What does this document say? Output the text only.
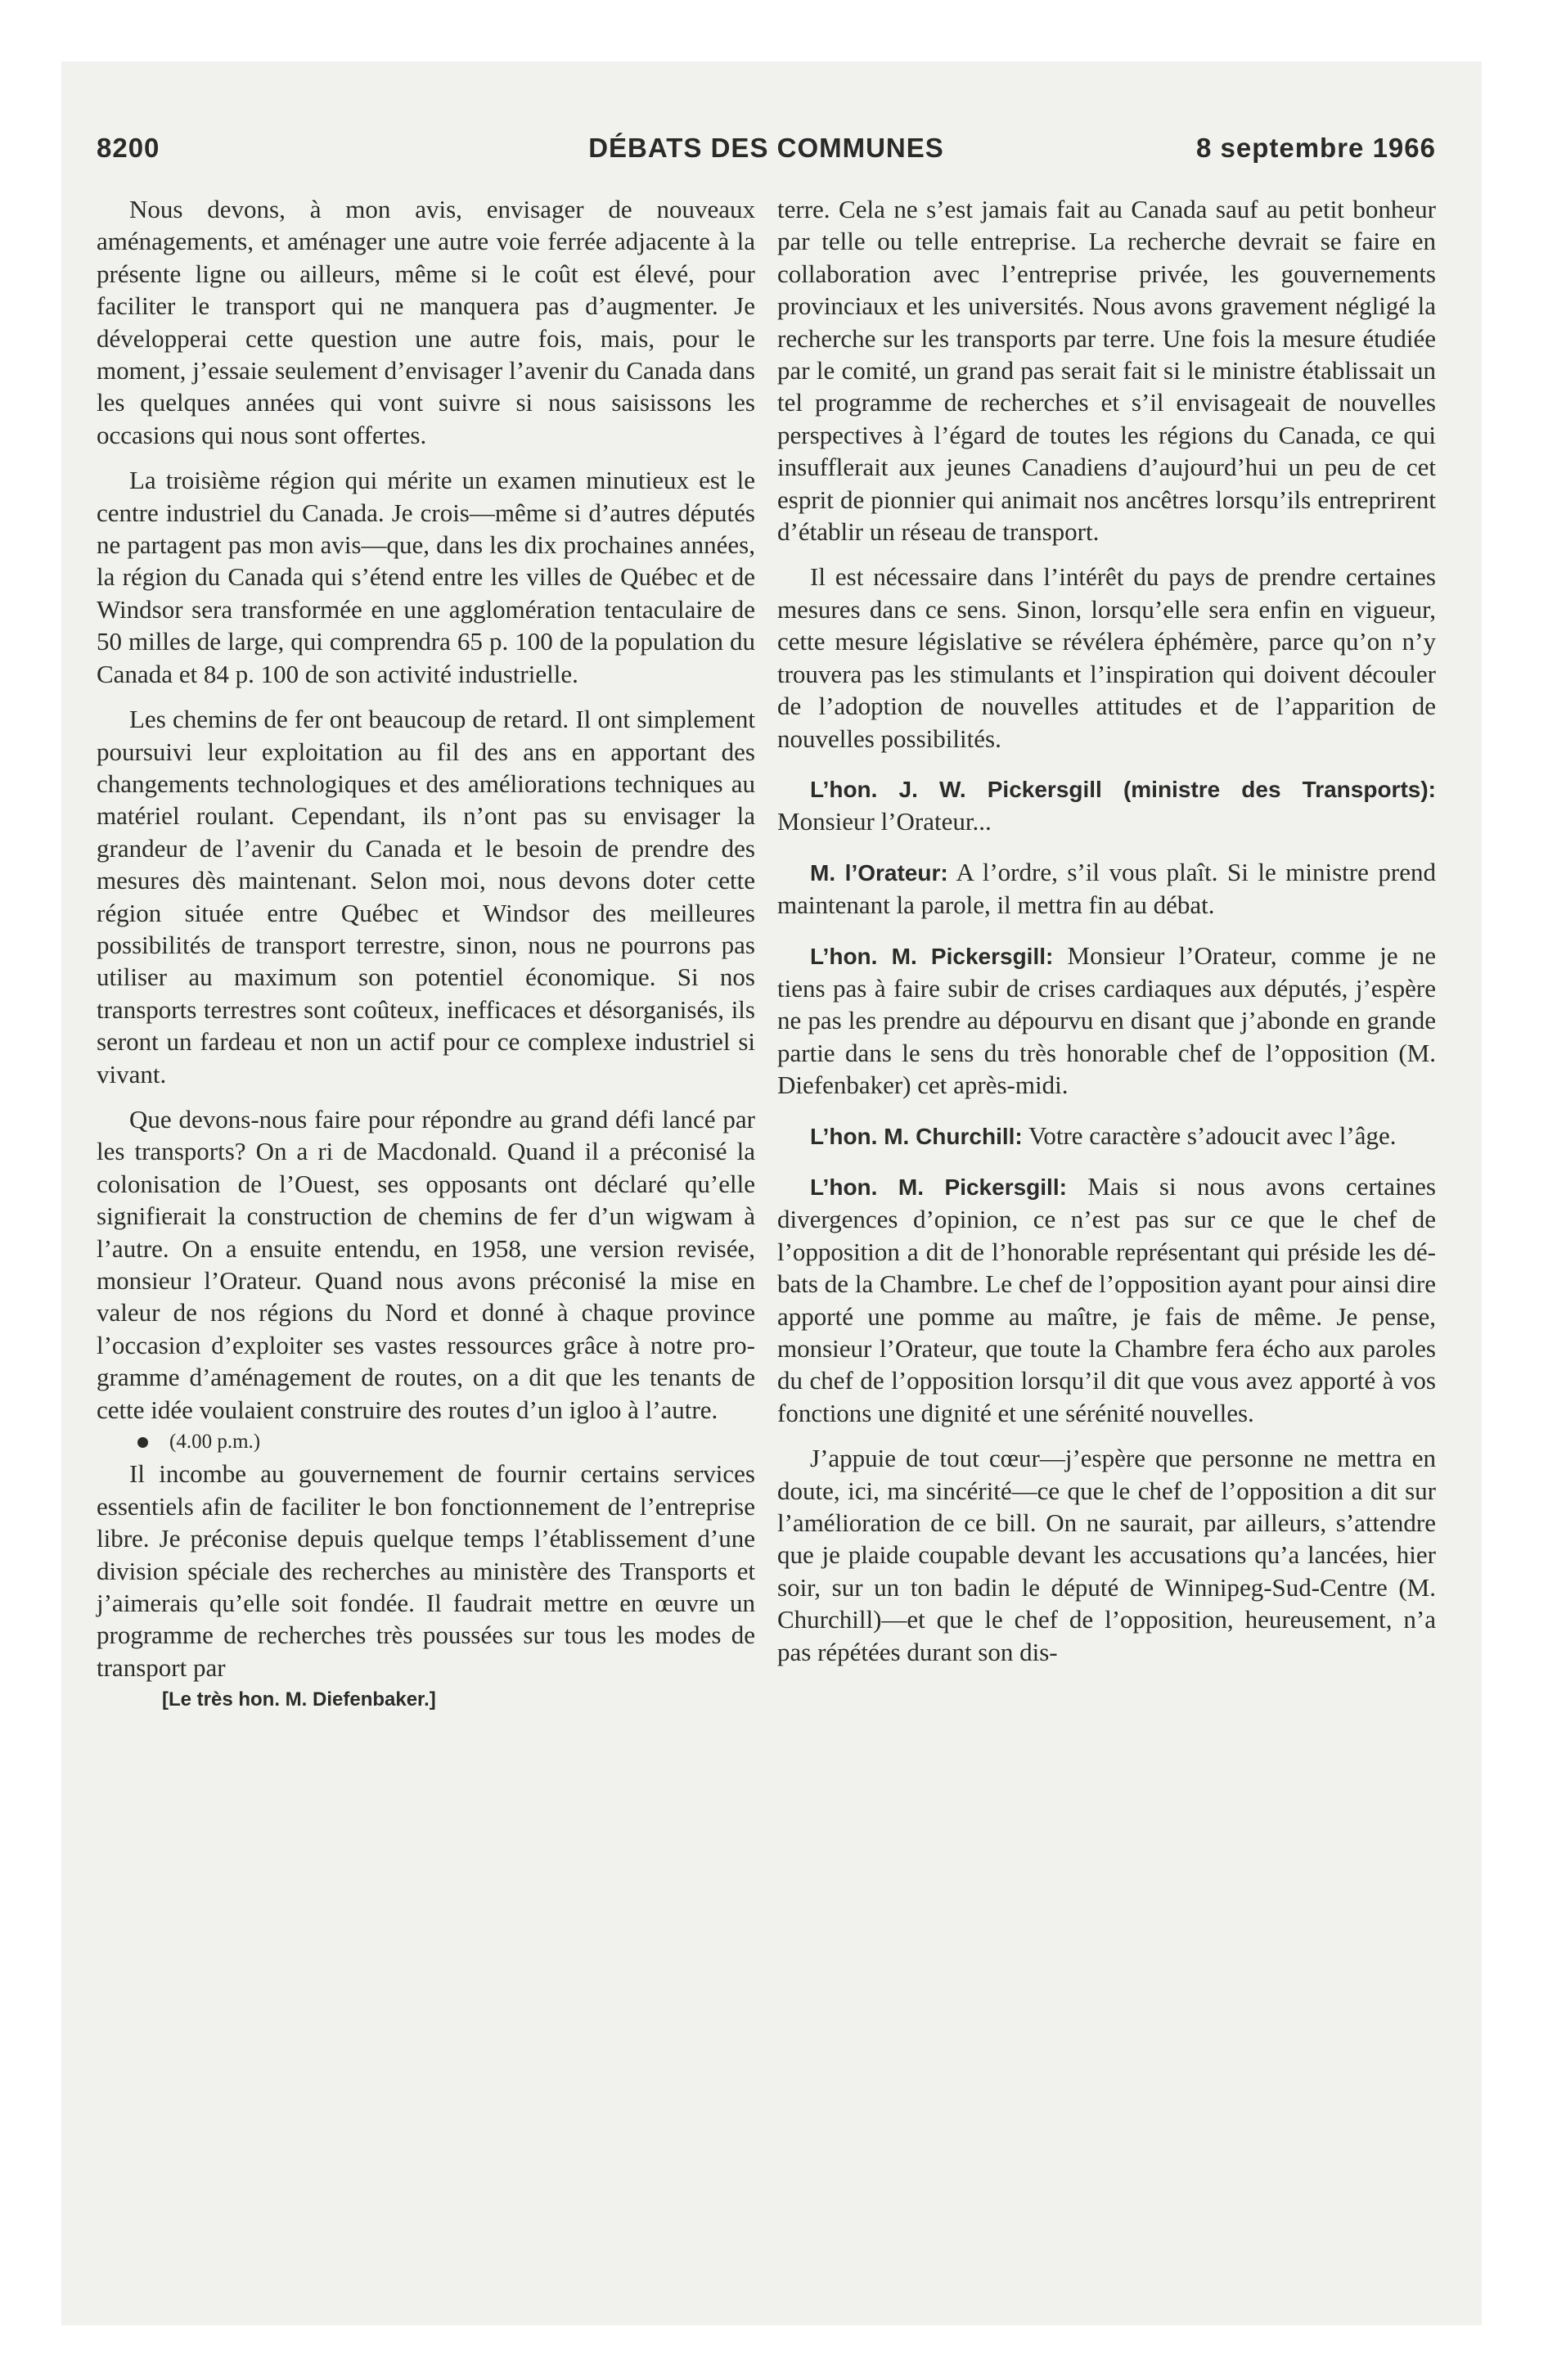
8200	DÉBATS DES COMMUNES	8 septembre 1966

Nous devons, à mon avis, envisager de nouveaux aménagements, et aménager une autre voie ferrée adjacente à la présente ligne ou ailleurs, même si le coût est élevé, pour faciliter le transport qui ne manquera pas d’augmenter. Je développerai cette question une autre fois, mais, pour le moment, j’essaie seulement d’envisager l’avenir du Canada dans les quelques années qui vont suivre si nous saisissons les occasions qui nous sont offertes.

La troisième région qui mérite un examen minutieux est le centre industriel du Canada. Je crois—même si d’autres députés ne partagent pas mon avis—que, dans les dix prochaines années, la région du Canada qui s’étend entre les villes de Québec et de Windsor sera transformée en une agglomération tentaculaire de 50 milles de large, qui comprendra 65 p. 100 de la population du Canada et 84 p. 100 de son activité industrielle.

Les chemins de fer ont beaucoup de retard. Il ont simplement poursuivi leur exploitation au fil des ans en apportant des changements technologiques et des améliorations techniques au matériel roulant. Cependant, ils n’ont pas su envisager la grandeur de l’avenir du Canada et le besoin de prendre des mesures dès maintenant. Selon moi, nous devons doter cette région située entre Québec et Windsor des meilleures possibilités de transport terrestre, sinon, nous ne pourrons pas utiliser au maximum son potentiel économique. Si nos transports terrestres sont coûteux, inefficaces et désorganisés, ils seront un fardeau et non un actif pour ce complexe industriel si vivant.

Que devons-nous faire pour répondre au grand défi lancé par les transports? On a ri de Macdonald. Quand il a préconisé la colonisation de l’Ouest, ses opposants ont déclaré qu’elle signifierait la construction de chemins de fer d’un wigwam à l’autre. On a ensuite entendu, en 1958, une version revisée, monsieur l’Orateur. Quand nous avons préconisé la mise en valeur de nos régions du Nord et donné à chaque province l’occasion d’exploiter ses vastes ressources grâce à notre programme d’aménagement de routes, on a dit que les tenants de cette idée voulaient construire des routes d’un igloo à l’autre.

(4.00 p.m.)

Il incombe au gouvernement de fournir certains services essentiels afin de faciliter le bon fonctionnement de l’entreprise libre. Je préconise depuis quelque temps l’établissement d’une division spéciale des recherches au ministère des Transports et j’aimerais qu’elle soit fondée. Il faudrait mettre en œuvre un programme de recherches très poussées sur tous les modes de transport par

[Le très hon. M. Diefenbaker.]

terre. Cela ne s’est jamais fait au Canada sauf au petit bonheur par telle ou telle entreprise. La recherche devrait se faire en collaboration avec l’entreprise privée, les gouvernements provinciaux et les universités. Nous avons gravement négligé la recherche sur les transports par terre. Une fois la mesure étudiée par le comité, un grand pas serait fait si le ministre établissait un tel programme de recherches et s’il envisageait de nouvelles perspectives à l’égard de toutes les régions du Canada, ce qui insufflerait aux jeunes Canadiens d’aujourd’hui un peu de cet esprit de pionnier qui animait nos ancêtres lorsqu’ils entreprirent d’établir un réseau de transport.

Il est nécessaire dans l’intérêt du pays de prendre certaines mesures dans ce sens. Sinon, lorsqu’elle sera enfin en vigueur, cette mesure législative se révélera éphémère, parce qu’on n’y trouvera pas les stimulants et l’inspiration qui doivent découler de l’adoption de nouvelles attitudes et de l’apparition de nouvelles possibilités.

L’hon. J. W. Pickersgill (ministre des Transports): Monsieur l’Orateur...

M. l’Orateur: A l’ordre, s’il vous plaît. Si le ministre prend maintenant la parole, il mettra fin au débat.

L’hon. M. Pickersgill: Monsieur l’Orateur, comme je ne tiens pas à faire subir de crises cardiaques aux députés, j’espère ne pas les prendre au dépourvu en disant que j’abonde en grande partie dans le sens du très honorable chef de l’opposition (M. Diefenbaker) cet après-midi.

L’hon. M. Churchill: Votre caractère s’adoucit avec l’âge.

L’hon. M. Pickersgill: Mais si nous avons certaines divergences d’opinion, ce n’est pas sur ce que le chef de l’opposition a dit de l’honorable représentant qui préside les débats de la Chambre. Le chef de l’opposition ayant pour ainsi dire apporté une pomme au maître, je fais de même. Je pense, monsieur l’Orateur, que toute la Chambre fera écho aux paroles du chef de l’opposition lorsqu’il dit que vous avez apporté à vos fonctions une dignité et une sérénité nouvelles.

J’appuie de tout cœur—j’espère que personne ne mettra en doute, ici, ma sincérité—ce que le chef de l’opposition a dit sur l’amélioration de ce bill. On ne saurait, par ailleurs, s’attendre que je plaide coupable devant les accusations qu’a lancées, hier soir, sur un ton badin le député de Winnipeg-Sud-Centre (M. Churchill)—et que le chef de l’opposition, heureusement, n’a pas répétées durant son dis-
